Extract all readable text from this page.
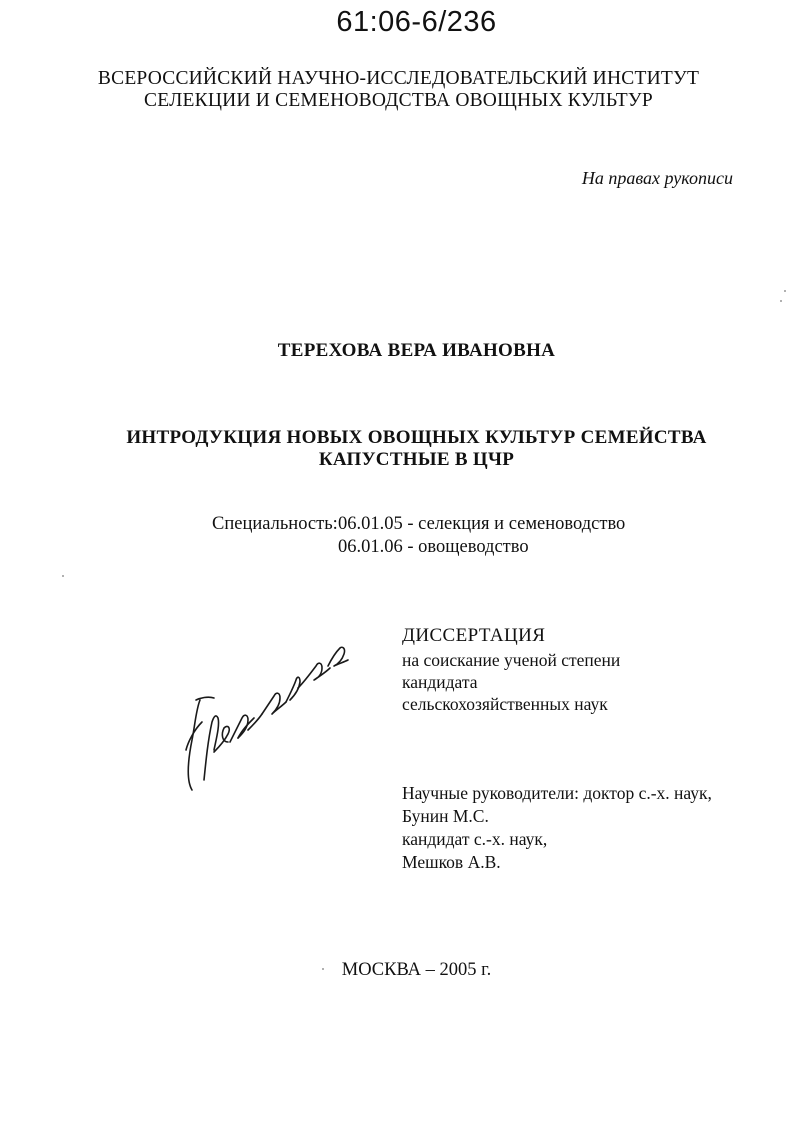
61:06-6/236
ВСЕРОССИЙСКИЙ НАУЧНО-ИССЛЕДОВАТЕЛЬСКИЙ ИНСТИТУТ
СЕЛЕКЦИИ И СЕМЕНОВОДСТВА ОВОЩНЫХ КУЛЬТУР
На правах рукописи
ТЕРЕХОВА ВЕРА ИВАНОВНА
ИНТРОДУКЦИЯ НОВЫХ ОВОЩНЫХ КУЛЬТУР СЕМЕЙСТВА
КАПУСТНЫЕ В ЦЧР
Специальность: 06.01.05 - селекция и семеноводство
06.01.06 - овощеводство
ДИССЕРТАЦИЯ
на соискание ученой степени
кандидата
сельскохозяйственных наук
Научные руководители: доктор с.-х. наук,
Бунин М.С.
кандидат с.-х. наук,
Мешков А.В.
МОСКВА – 2005 г.
